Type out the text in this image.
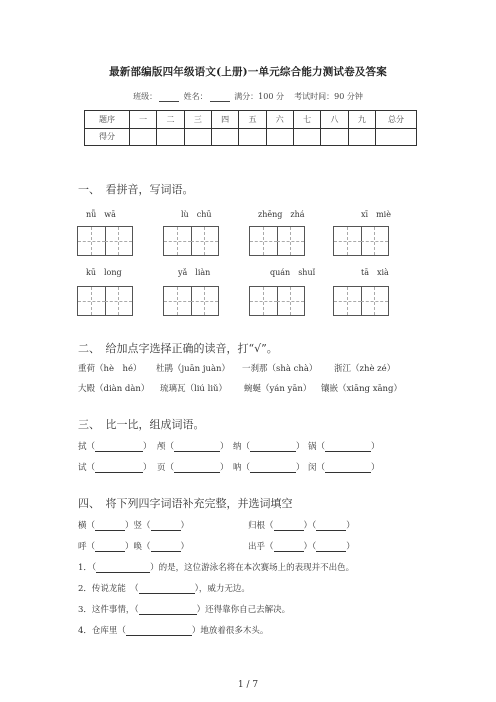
最新部编版四年级语文(上册)一单元综合能力测试卷及答案
班级：	姓名：	满分：100 分 考试时间：90 分钟
题序	一	二	三	四	五	六	七	八	九	总分
得分										
一、　看拼音，写词语。
nǚ　wā	lù　chū	zhēng　zhá	xī　miè
kū　long	yǎ　liàn	quán　shuǐ	tā　xià
二、　给加点字选择正确的读音，打“√”。
重荷（hè　hé） 杜鹃（juān juàn） 一刹那（shà chà） 浙江（zhè zé）
大殿（diàn dàn） 琉璃瓦（liú liǔ） 蜿蜒（yán yān） 镶嵌（xiāng xāng）
三、　比一比，组成词语。
拭（	） 颅（	） 纳（	） 锅（	）
试（	） 页（	） 呐（	） 闵（	）
四、　将下列四字词语补充完整，并选词填空
横（	）竖（	）	归根（	）（	）
呼（	）唤（	）	出乎（	）（	）
1．（	）的是，这位游泳名将在本次赛场上的表现并不出色。
2．传说龙能　（	），威力无边。
3．这件事情，（	）还得靠你自己去解决。
4．仓库里（	）地放着很多木头。
1 / 7
